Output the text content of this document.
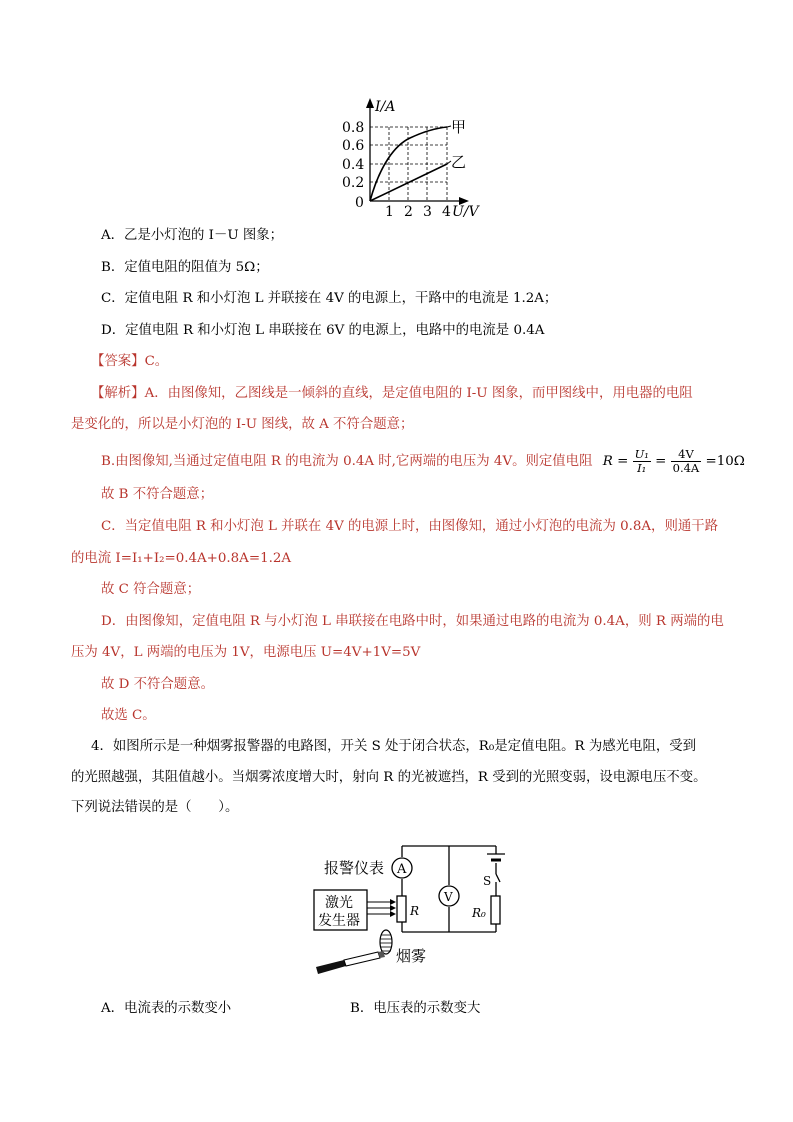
I/A
U/V
0
0.8
0.6
0.4
0.2
1 2 3 4
甲
乙
A．乙是小灯泡的 I－U 图象；
B．定值电阻的阻值为 5Ω；
C．定值电阻 R 和小灯泡 L 并联接在 4V 的电源上，干路中的电流是 1.2A；
D．定值电阻 R 和小灯泡 L 串联接在 6V 的电源上，电路中的电流是 0.4A
【答案】C。
【解析】A．由图像知，乙图线是一倾斜的直线，是定值电阻的 I-U 图象，而甲图线中，用电器的电阻
是变化的，所以是小灯泡的 I-U 图线，故 A 不符合题意；
B.由图像知,当通过定值电阻 R 的电流为 0.4A 时,它两端的电压为 4V。则定值电阻 $R = \frac{\text{U₁}}{\text{I₁}} = \frac{4V}{0.4A} =10\Omega$
故 B 不符合题意；
C．当定值电阻 R 和小灯泡 L 并联在 4V 的电源上时，由图像知，通过小灯泡的电流为 0.8A，则通干路
的电流 I=I₁+I₂=0.4A+0.8A=1.2A
故 C 符合题意；
D．由图像知，定值电阻 R 与小灯泡 L 串联接在电路中时，如果通过电路的电流为 0.4A，则 R 两端的电
压为 4V，L 两端的电压为 1V，电源电压 U=4V+1V=5V
故 D 不符合题意。
故选 C。
4．如图所示是一种烟雾报警器的电路图，开关 S 处于闭合状态，R₀是定值电阻。R 为感光电阻，受到
的光照越强，其阻值越小。当烟雾浓度增大时，射向 R 的光被遮挡，R 受到的光照变弱，设电源电压不变。
下列说法错误的是（　　）。
报警仪表 A
V
S
R	R₀
激光
发生器
烟雾
A．电流表的示数变小	B．电压表的示数变大
